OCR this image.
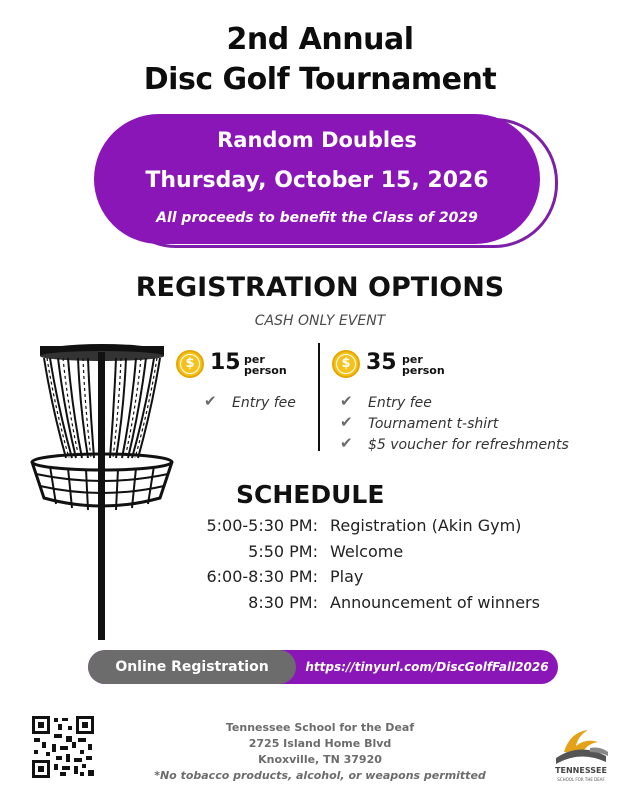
2nd Annual
Disc Golf Tournament
Random Doubles
Thursday, October 15, 2026
All proceeds to benefit the Class of 2029
REGISTRATION OPTIONS
CASH ONLY EVENT
$ 15 per
person
✔ Entry fee
$ 35 per
person
✔ Entry fee
✔ Tournament t-shirt
✔ $5 voucher for refreshments
SCHEDULE
5:00-5:30 PM: Registration (Akin Gym)
5:50 PM: Welcome
6:00-8:30 PM: Play
8:30 PM: Announcement of winners
Online Registration	https://tinyurl.com/DiscGolfFall2026
Tennessee School for the Deaf
2725 Island Home Blvd
Knoxville, TN 37920
*No tobacco products, alcohol, or weapons permitted	TENNESSEE
SCHOOL FOR THE DEAF
